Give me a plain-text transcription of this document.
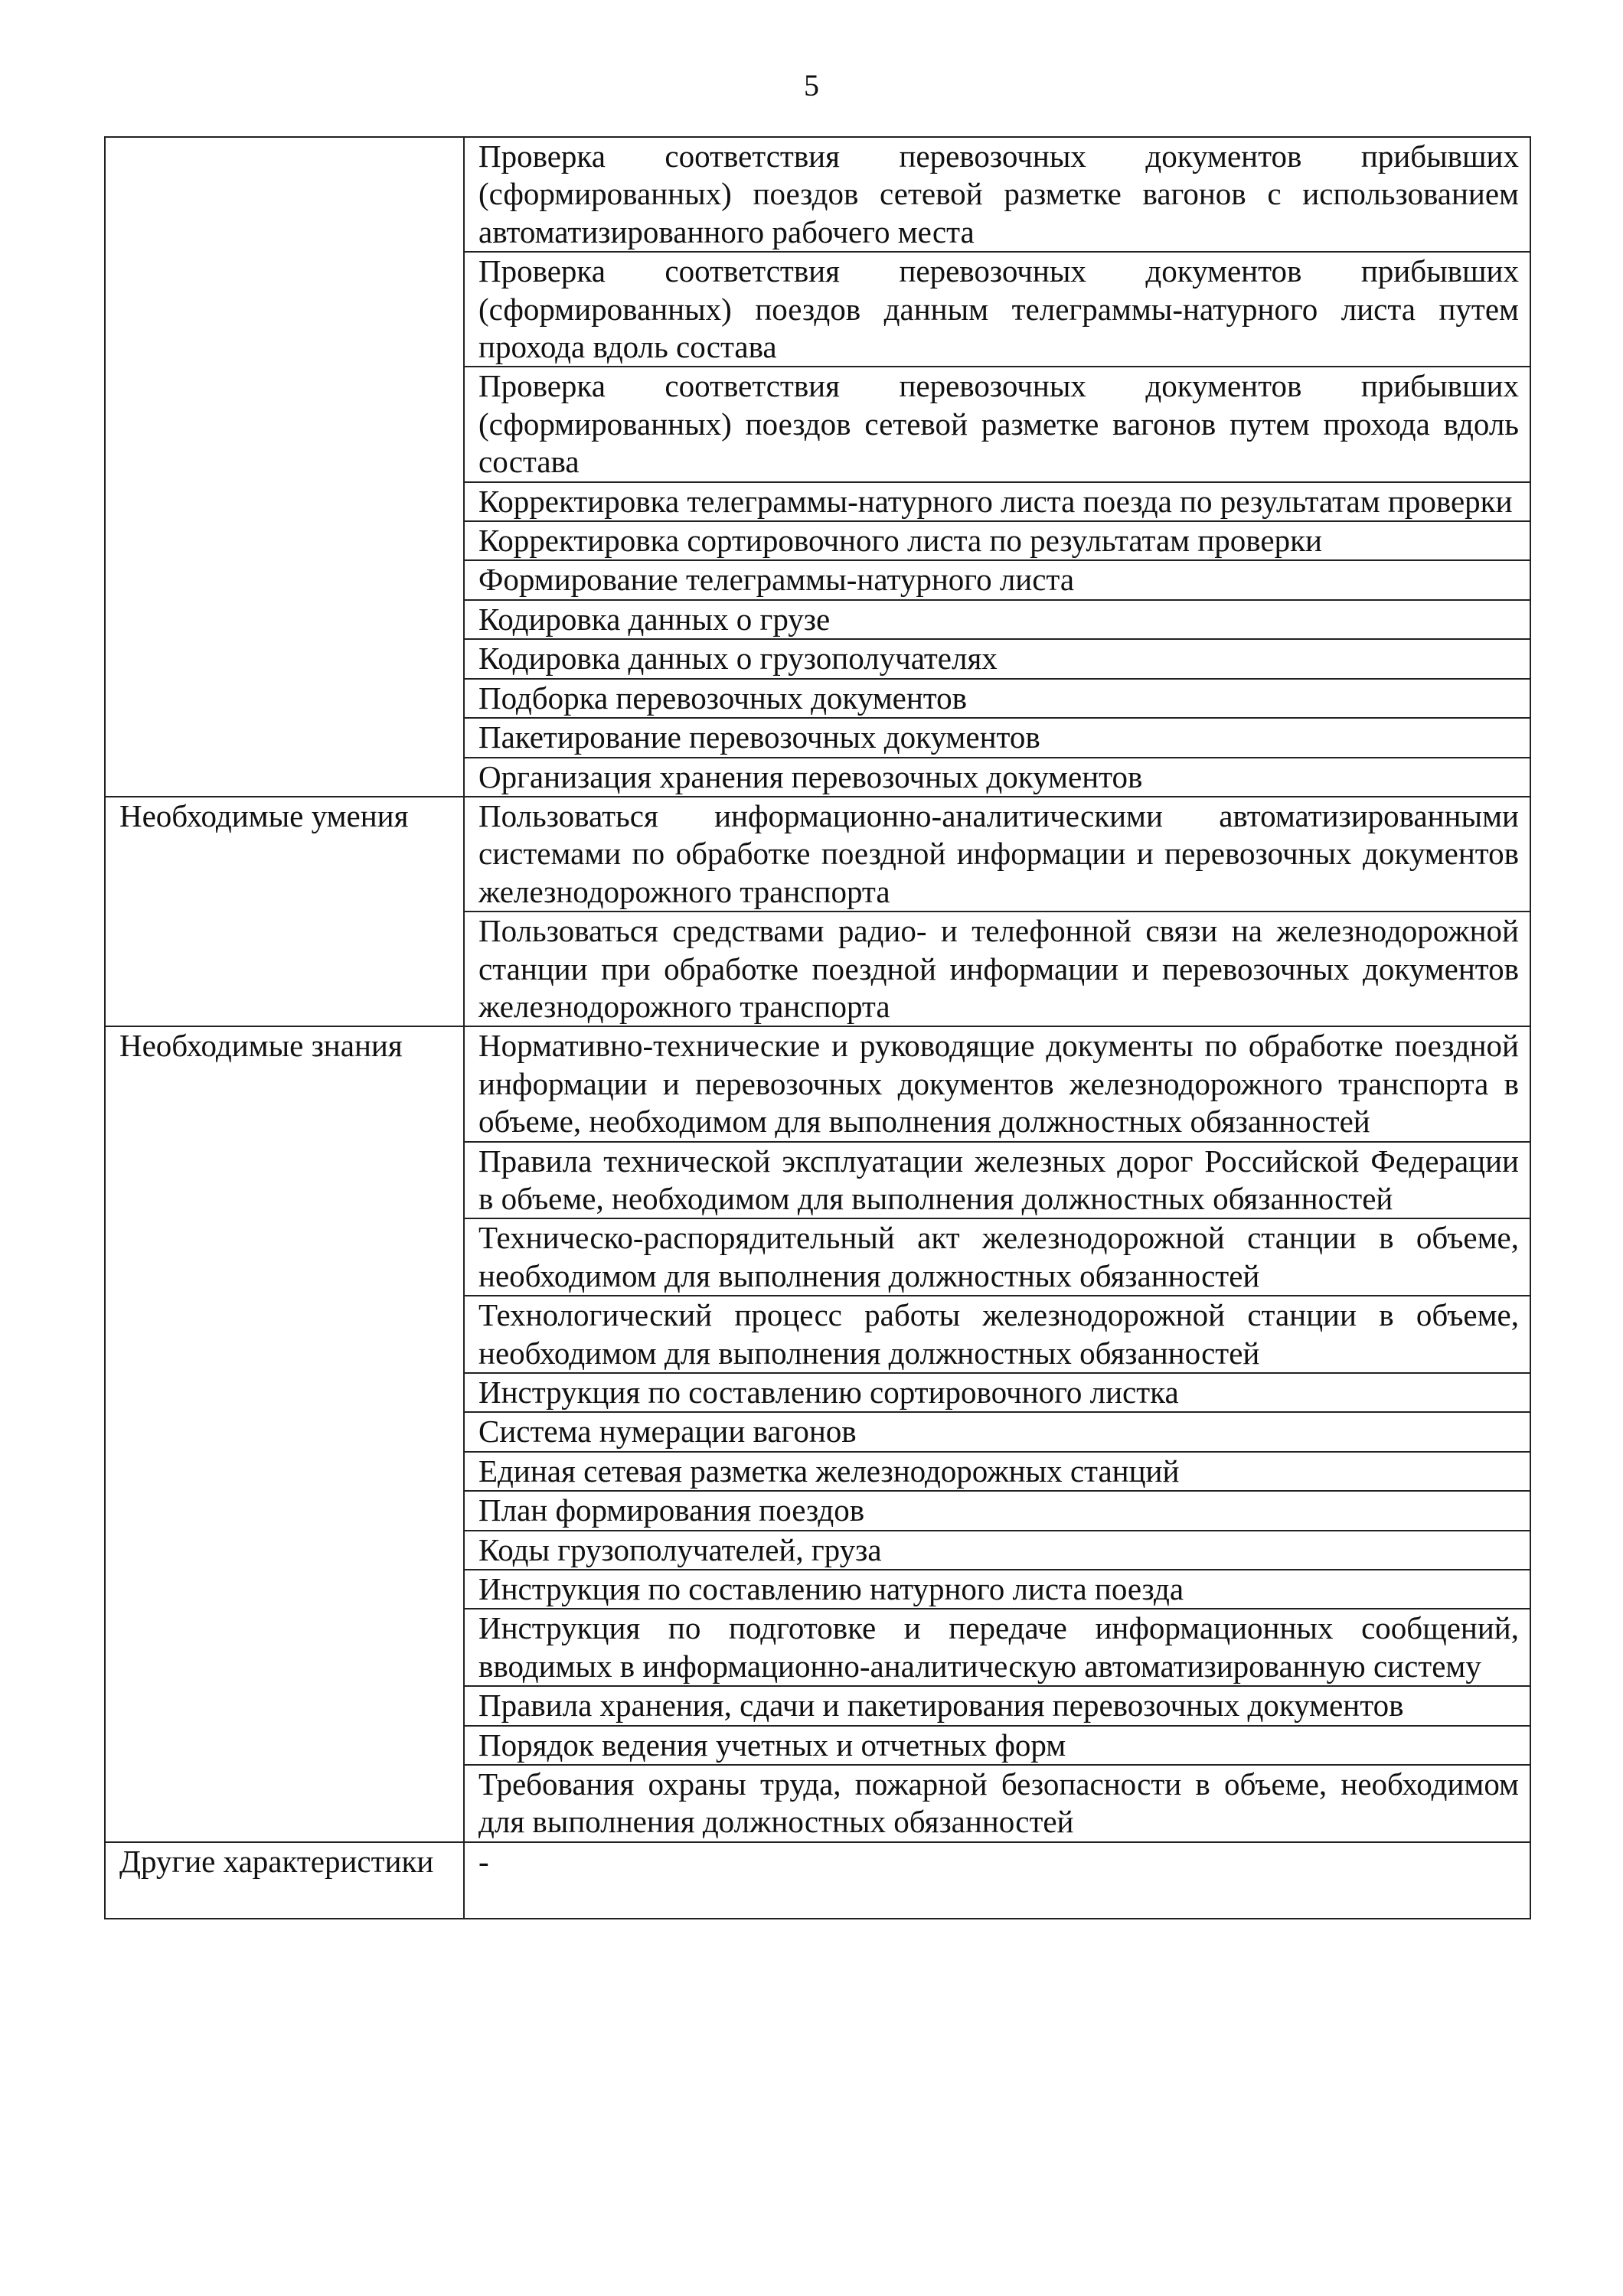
5
	Проверка соответствия перевозочных документов прибывших (сформированных) поездов сетевой разметке вагонов с использованием автоматизированного рабочего места
	Проверка соответствия перевозочных документов прибывших (сформированных) поездов данным телеграммы-натурного листа путем прохода вдоль состава
	Проверка соответствия перевозочных документов прибывших (сформированных) поездов сетевой разметке вагонов путем прохода вдоль состава
	Корректировка телеграммы-натурного листа поезда по результатам проверки
	Корректировка сортировочного листа по результатам проверки
	Формирование телеграммы-натурного листа
	Кодировка данных о грузе
	Кодировка данных о грузополучателях
	Подборка перевозочных документов
	Пакетирование перевозочных документов
	Организация хранения перевозочных документов
Необходимые умения	Пользоваться информационно-аналитическими автоматизированными системами по обработке поездной информации и перевозочных документов железнодорожного транспорта
	Пользоваться средствами радио- и телефонной связи на железнодорожной станции при обработке поездной информации и перевозочных документов железнодорожного транспорта
Необходимые знания	Нормативно-технические и руководящие документы по обработке поездной информации и перевозочных документов железнодорожного транспорта в объеме, необходимом для выполнения должностных обязанностей
	Правила технической эксплуатации железных дорог Российской Федерации в объеме, необходимом для выполнения должностных обязанностей
	Техническо-распорядительный акт железнодорожной станции в объеме, необходимом для выполнения должностных обязанностей
	Технологический процесс работы железнодорожной станции в объеме, необходимом для выполнения должностных обязанностей
	Инструкция по составлению сортировочного листка
	Система нумерации вагонов
	Единая сетевая разметка железнодорожных станций
	План формирования поездов
	Коды грузополучателей, груза
	Инструкция по составлению натурного листа поезда
	Инструкция по подготовке и передаче информационных сообщений, вводимых в информационно-аналитическую автоматизированную систему
	Правила хранения, сдачи и пакетирования перевозочных документов
	Порядок ведения учетных и отчетных форм
	Требования охраны труда, пожарной безопасности в объеме, необходимом для выполнения должностных обязанностей
Другие характеристики	-
